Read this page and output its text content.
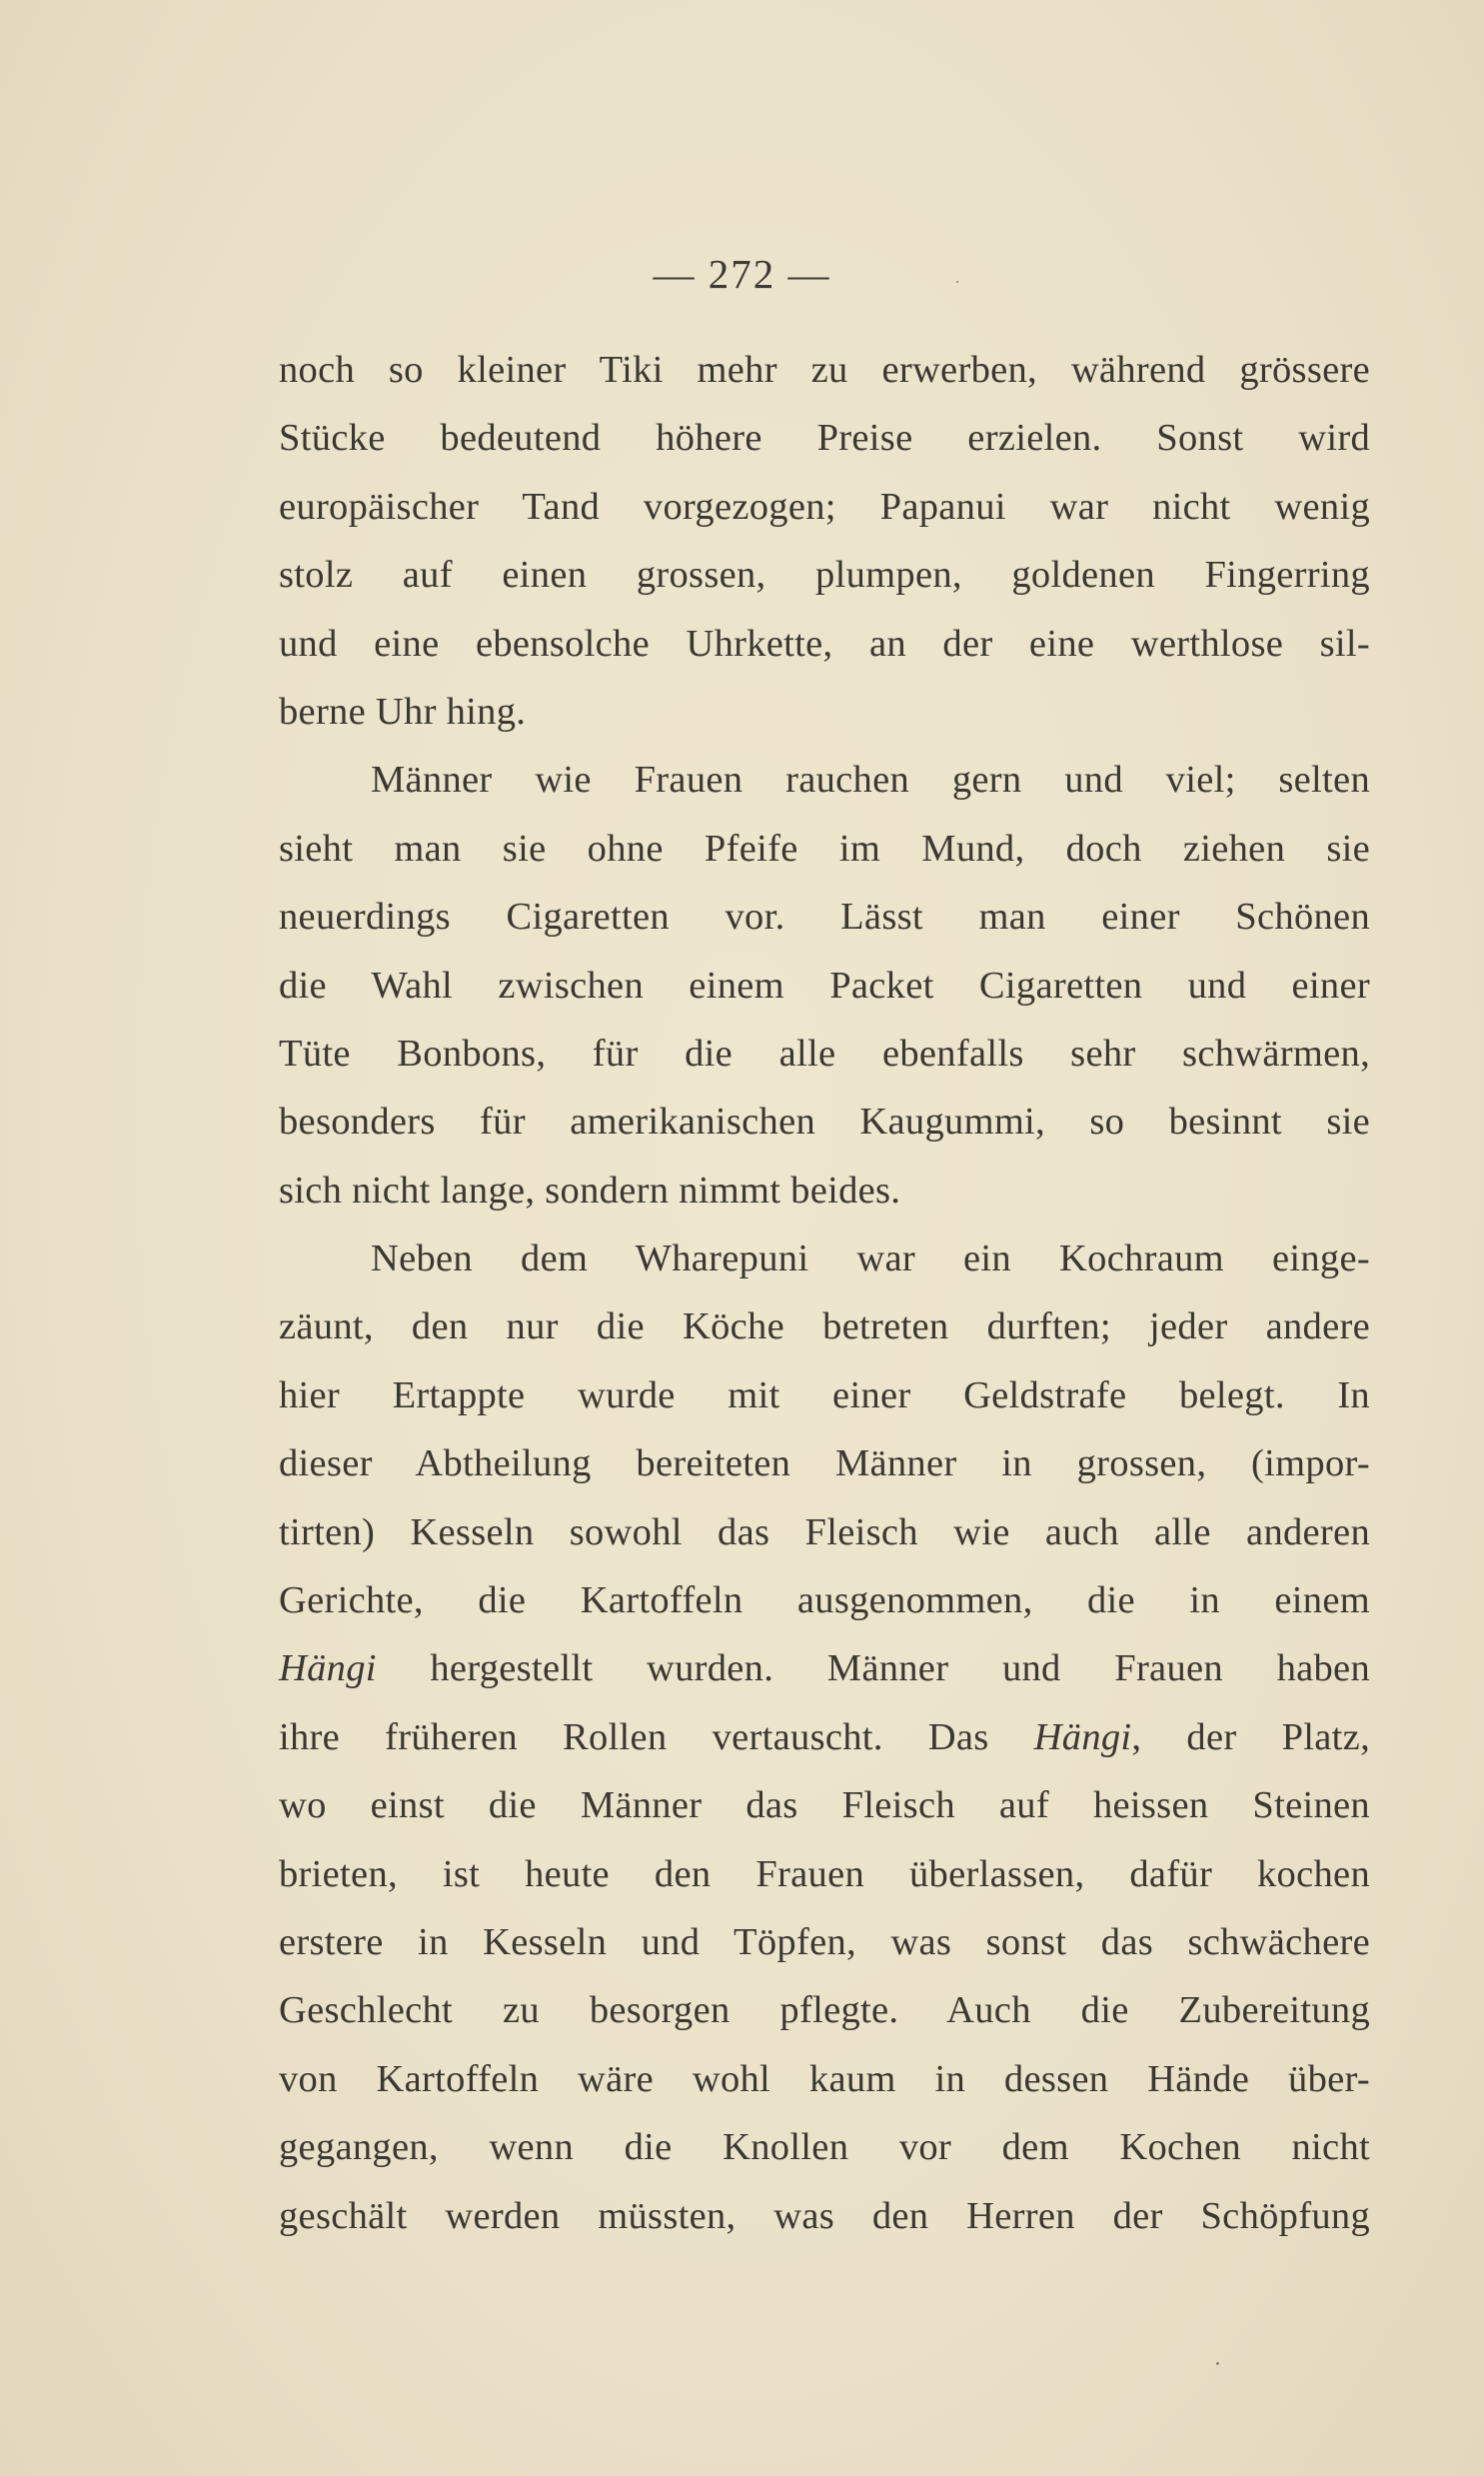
— 272 —
noch so kleiner Tiki mehr zu erwerben, während grössere
Stücke bedeutend höhere Preise erzielen. Sonst wird
europäischer Tand vorgezogen; Papanui war nicht wenig
stolz auf einen grossen, plumpen, goldenen Fingerring
und eine ebensolche Uhrkette, an der eine werthlose sil-
berne Uhr hing.
Männer wie Frauen rauchen gern und viel; selten
sieht man sie ohne Pfeife im Mund, doch ziehen sie
neuerdings Cigaretten vor. Lässt man einer Schönen
die Wahl zwischen einem Packet Cigaretten und einer
Tüte Bonbons, für die alle ebenfalls sehr schwärmen,
besonders für amerikanischen Kaugummi, so besinnt sie
sich nicht lange, sondern nimmt beides.
Neben dem Wharepuni war ein Kochraum einge-
zäunt, den nur die Köche betreten durften; jeder andere
hier Ertappte wurde mit einer Geldstrafe belegt. In
dieser Abtheilung bereiteten Männer in grossen, (impor-
tirten) Kesseln sowohl das Fleisch wie auch alle anderen
Gerichte, die Kartoffeln ausgenommen, die in einem
Hängi hergestellt wurden. Männer und Frauen haben
ihre früheren Rollen vertauscht. Das Hängi, der Platz,
wo einst die Männer das Fleisch auf heissen Steinen
brieten, ist heute den Frauen überlassen, dafür kochen
erstere in Kesseln und Töpfen, was sonst das schwächere
Geschlecht zu besorgen pflegte. Auch die Zubereitung
von Kartoffeln wäre wohl kaum in dessen Hände über-
gegangen, wenn die Knollen vor dem Kochen nicht
geschält werden müssten, was den Herren der Schöpfung
